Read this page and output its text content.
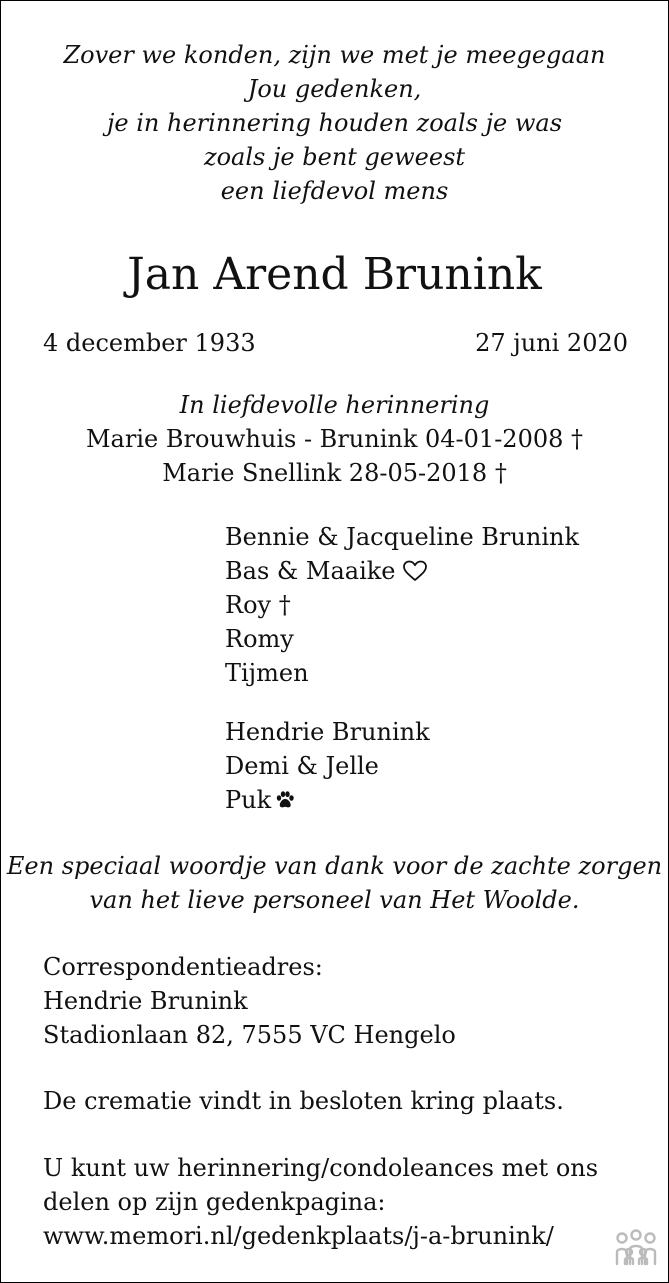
Zover we konden, zijn we met je meegegaan
Jou gedenken,
je in herinnering houden zoals je was
zoals je bent geweest
een liefdevol mens
Jan Arend Brunink
4 december 1933	27 juni 2020
In liefdevolle herinnering
Marie Brouwhuis - Brunink 04-01-2008 †
Marie Snellink 28-05-2018 †
Bennie & Jacqueline Brunink
Bas & Maaike
Roy †
Romy
Tijmen
Hendrie Brunink
Demi & Jelle
Puk
Een speciaal woordje van dank voor de zachte zorgen
van het lieve personeel van Het Woolde.
Correspondentieadres:
Hendrie Brunink
Stadionlaan 82, 7555 VC Hengelo
De crematie vindt in besloten kring plaats.
U kunt uw herinnering/condoleances met ons
delen op zijn gedenkpagina:
www.memori.nl/gedenkplaats/j-a-brunink/
